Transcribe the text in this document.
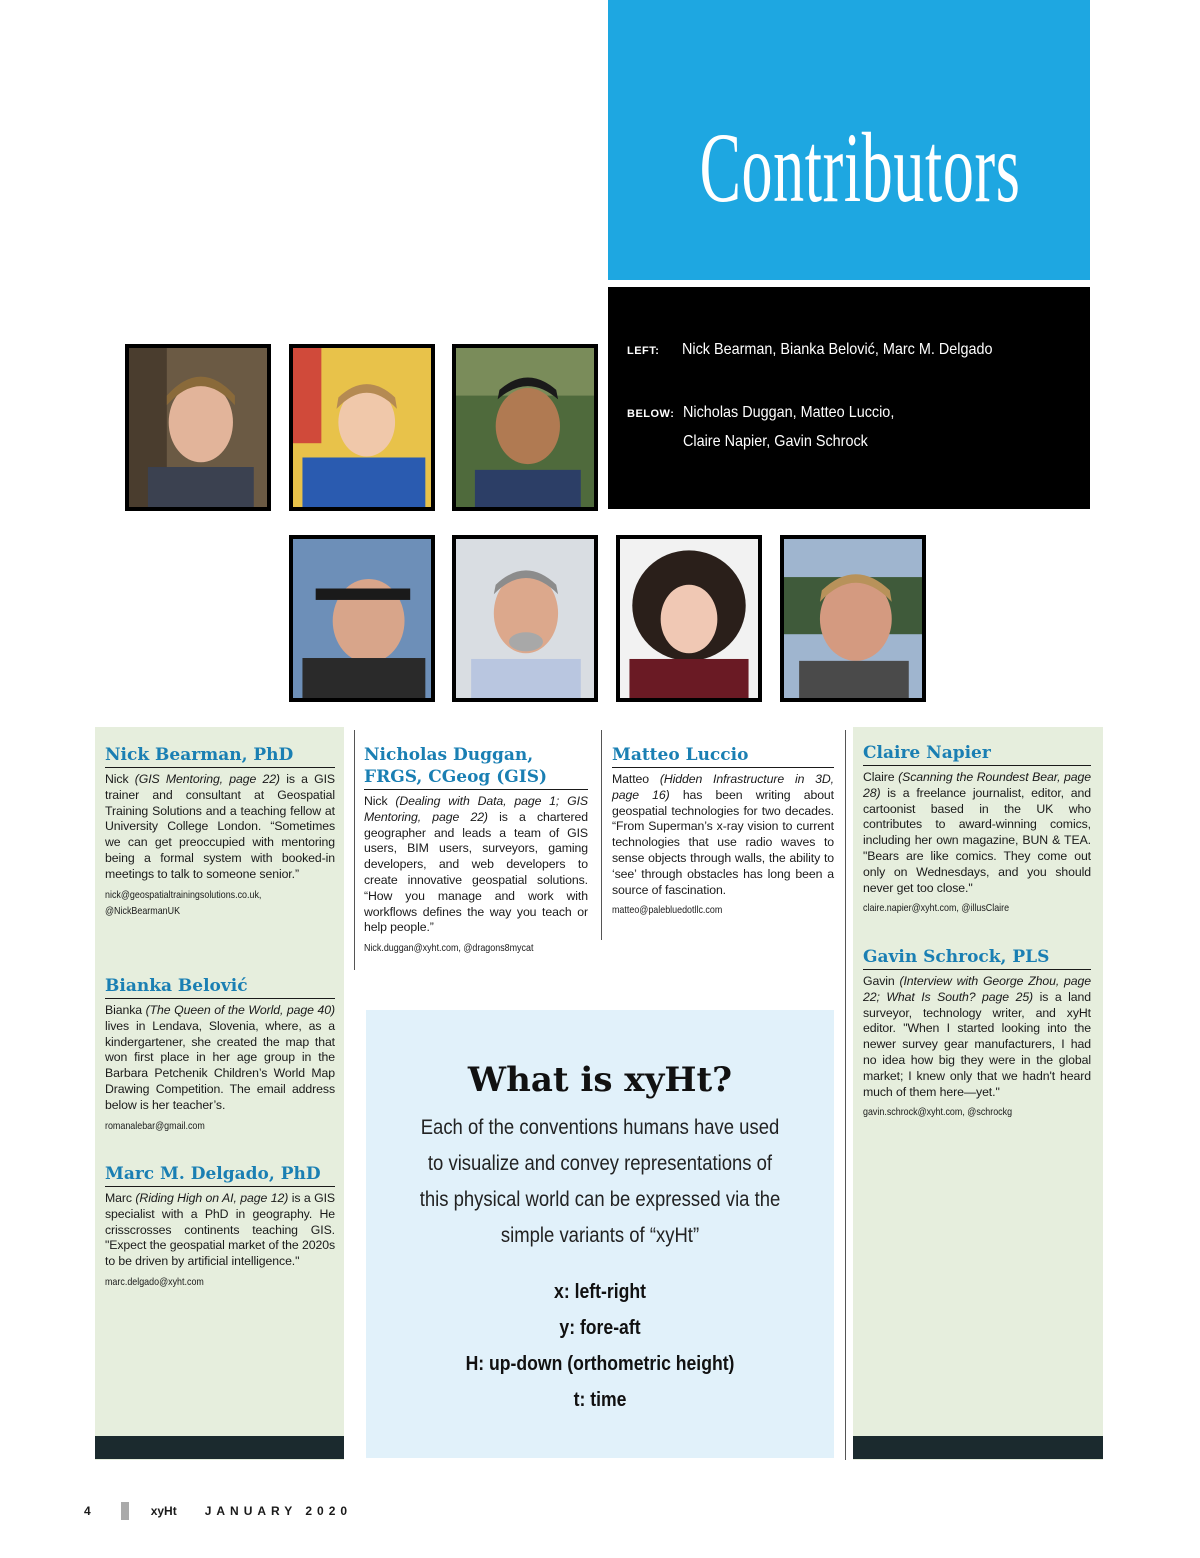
Contributors
LEFT: Nick Bearman, Bianka Belović, Marc M. Delgado
BELOW: Nicholas Duggan, Matteo Luccio,
Claire Napier, Gavin Schrock
Nick Bearman, PhD

Nick (GIS Mentoring, page 22) is a GIS trainer and consultant at Geospatial Training Solutions and a teaching fellow at University College London. “Sometimes we can get preoccupied with mentoring being a formal system with booked-in meetings to talk to someone senior.”

nick@geospatialtrainingsolutions.co.uk,
@NickBearmanUK
Bianka Belović

Bianka (The Queen of the World, page 40) lives in Lendava, Slovenia, where, as a kindergartener, she created the map that won first place in her age group in the Barbara Petchenik Children’s World Map Drawing Competition. The email address below is her teacher’s.

romanalebar@gmail.com
Marc M. Delgado, PhD

Marc (Riding High on AI, page 12) is a GIS specialist with a PhD in geography. He crisscrosses continents teaching GIS. "Expect the geospatial market of the 2020s to be driven by artificial intelligence."

marc.delgado@xyht.com
Nicholas Duggan, FRGS, CGeog (GIS)

Nick (Dealing with Data, page 1; GIS Mentoring, page 22) is a chartered geographer and leads a team of GIS users, BIM users, surveyors, gaming developers, and web developers to create innovative geospatial solutions. “How you manage and work with workflows defines the way you teach or help people.”

Nick.duggan@xyht.com, @dragons8mycat
Matteo Luccio

Matteo (Hidden Infrastructure in 3D, page 16) has been writing about geospatial technologies for two decades. “From Superman’s x-ray vision to current technologies that use radio waves to sense objects through walls, the ability to ‘see’ through obstacles has long been a source of fascination.

matteo@palebluedotllc.com
Claire Napier

Claire (Scanning the Roundest Bear, page 28) is a freelance journalist, editor, and cartoonist based in the UK who contributes to award-winning comics, including her own magazine, BUN & TEA. "Bears are like comics. They come out only on Wednesdays, and you should never get too close."

claire.napier@xyht.com, @illusClaire
Gavin Schrock, PLS

Gavin (Interview with George Zhou, page 22; What Is South? page 25) is a land surveyor, technology writer, and xyHt editor. "When I started looking into the newer survey gear manufacturers, I had no idea how big they were in the global market; I knew only that we hadn't heard much of them here—yet."

gavin.schrock@xyht.com, @schrockg
What is xyHt?
Each of the conventions humans have used to visualize and convey representations of this physical world can be expressed via the simple variants of “xyHt”
x: left-right
y: fore-aft
H: up-down (orthometric height)
t: time
4	xyHt JANUARY 2020
